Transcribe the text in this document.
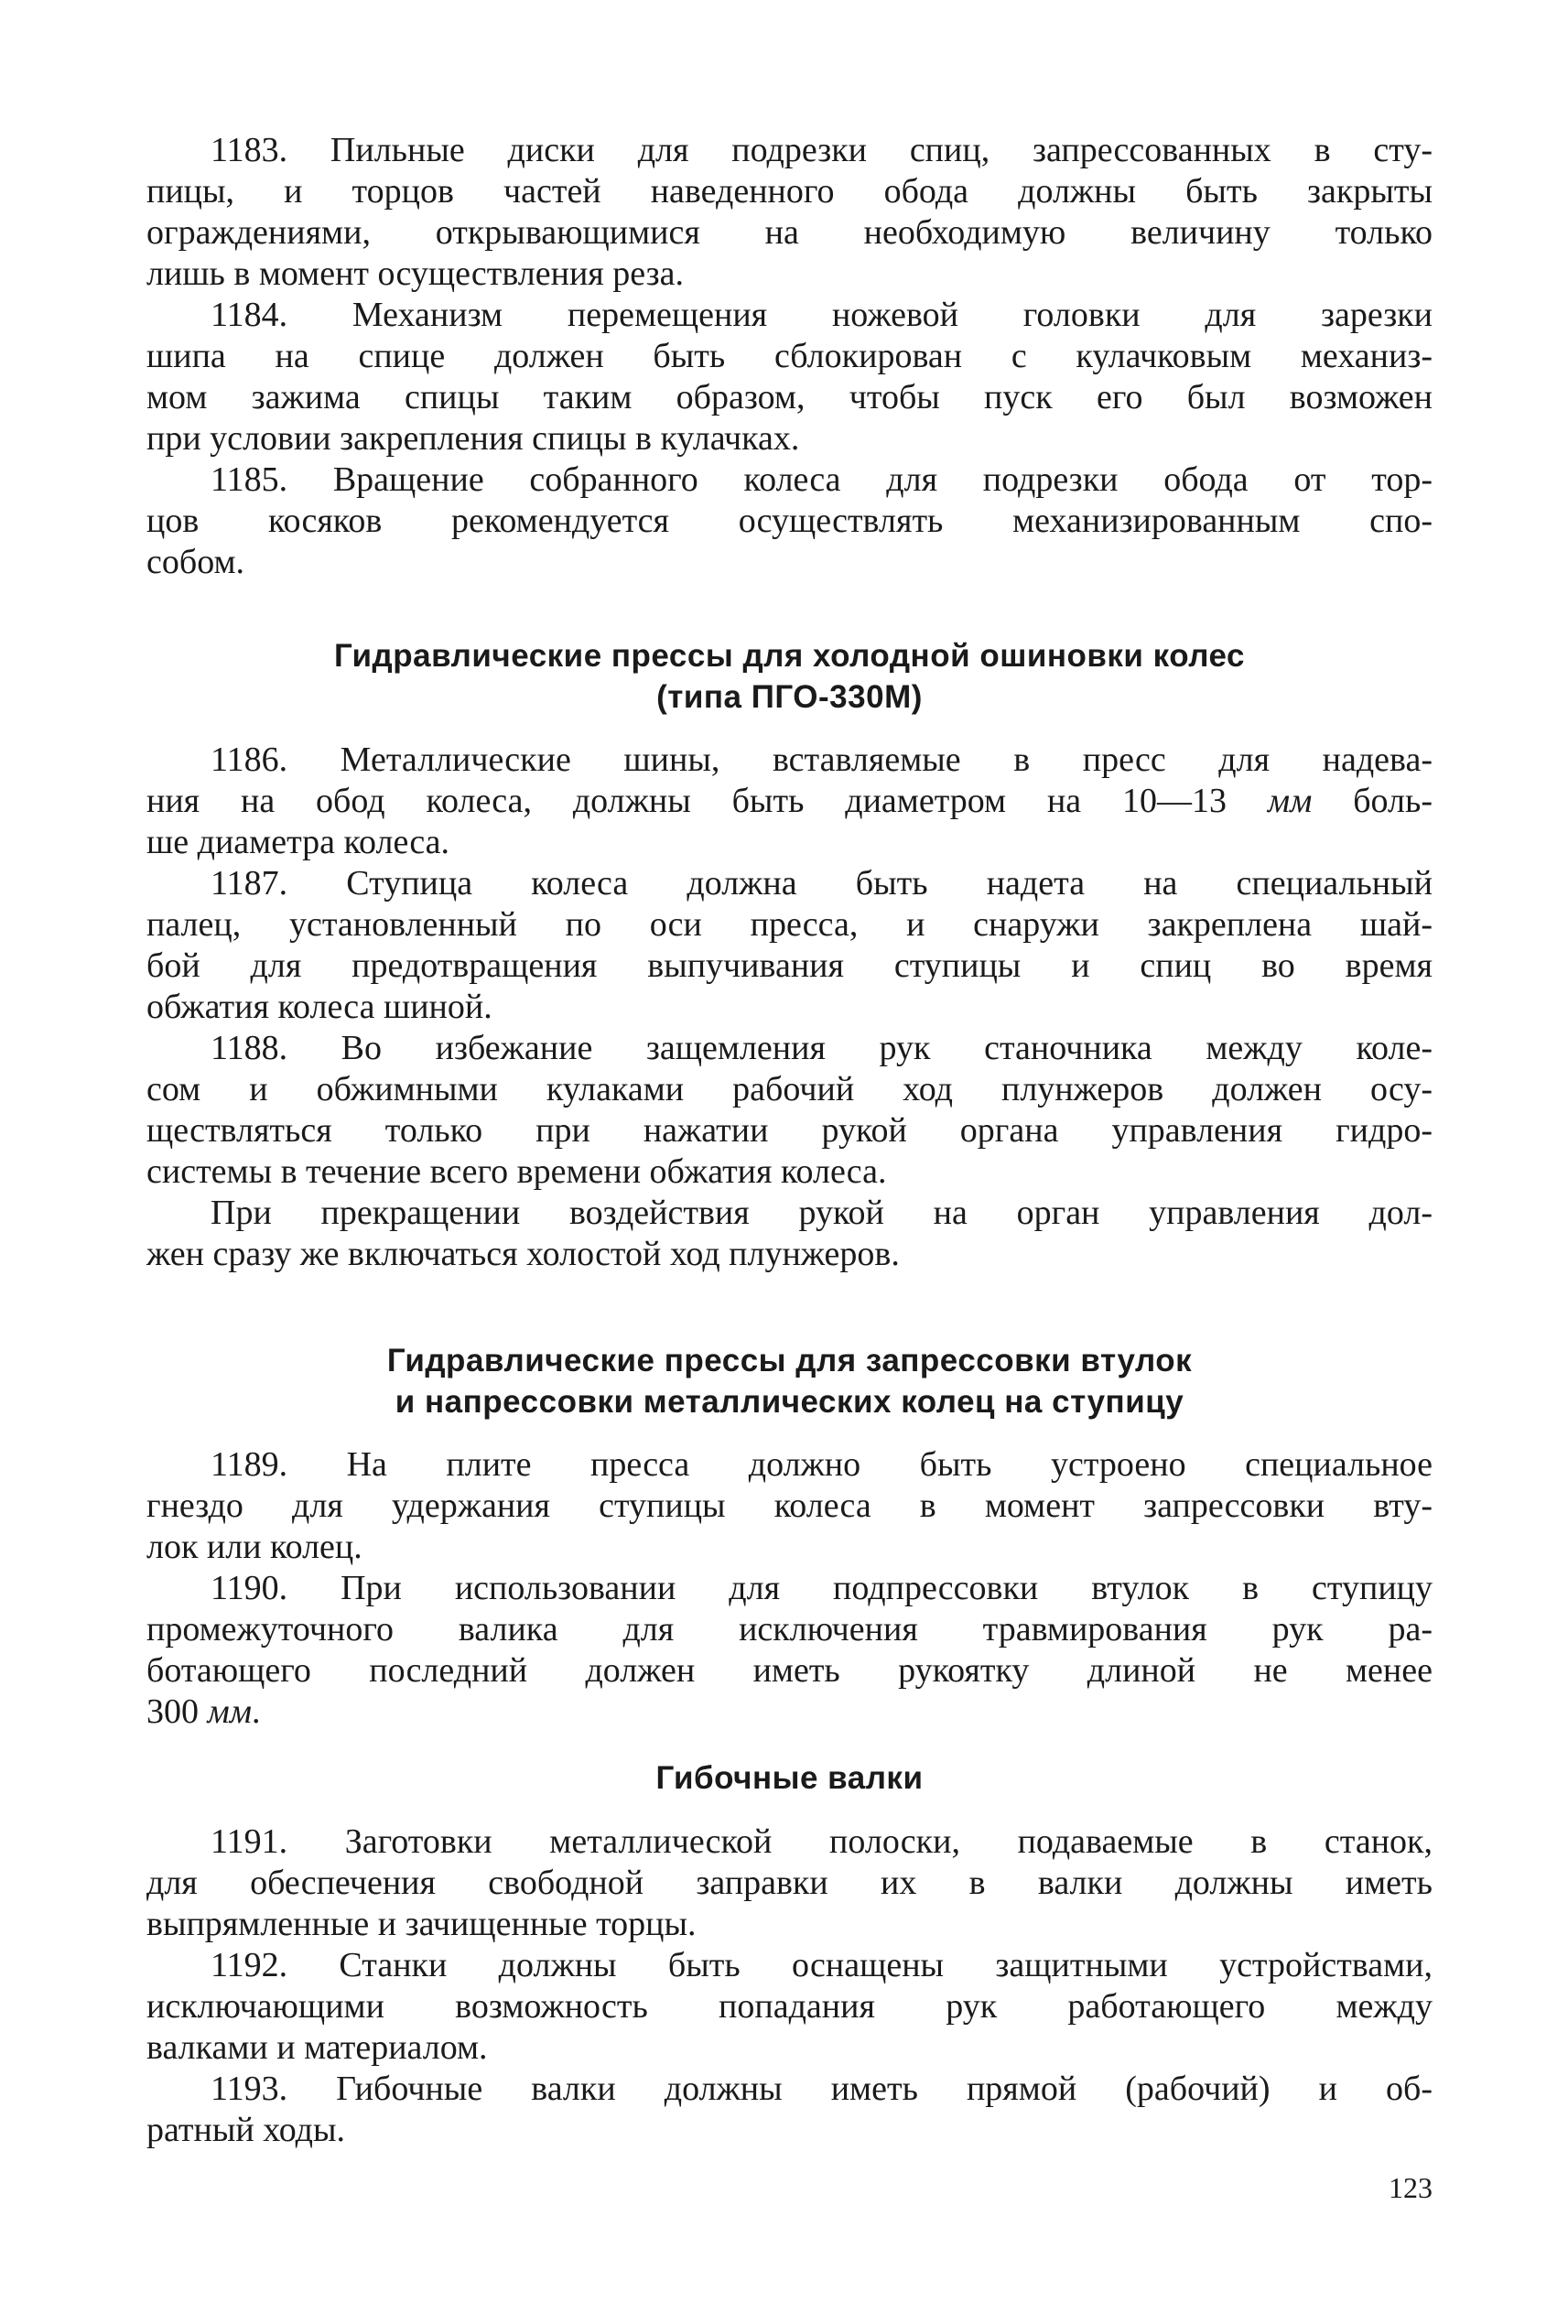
1183. Пильные диски для подрезки спиц, запрессованных в сту-
пицы, и торцов частей наведенного обода должны быть закрыты
ограждениями, открывающимися на необходимую величину только
лишь в момент осуществления реза.
1184. Механизм перемещения ножевой головки для зарезки
шипа на спице должен быть сблокирован с кулачковым механиз-
мом зажима спицы таким образом, чтобы пуск его был возможен
при условии закрепления спицы в кулачках.
1185. Вращение собранного колеса для подрезки обода от тор-
цов косяков рекомендуется осуществлять механизированным спо-
собом.
Гидравлические прессы для холодной ошиновки колес
(типа ПГО-330М)
1186. Металлические шины, вставляемые в пресс для надева-
ния на обод колеса, должны быть диаметром на 10—13 мм боль-
ше диаметра колеса.
1187. Ступица колеса должна быть надета на специальный
палец, установленный по оси пресса, и снаружи закреплена шай-
бой для предотвращения выпучивания ступицы и спиц во время
обжатия колеса шиной.
1188. Во избежание защемления рук станочника между коле-
сом и обжимными кулаками рабочий ход плунжеров должен осу-
ществляться только при нажатии рукой органа управления гидро-
системы в течение всего времени обжатия колеса.
При прекращении воздействия рукой на орган управления дол-
жен сразу же включаться холостой ход плунжеров.
Гидравлические прессы для запрессовки втулок
и напрессовки металлических колец на ступицу
1189. На плите пресса должно быть устроено специальное
гнездо для удержания ступицы колеса в момент запрессовки вту-
лок или колец.
1190. При использовании для подпрессовки втулок в ступицу
промежуточного валика для исключения травмирования рук ра-
ботающего последний должен иметь рукоятку длиной не менее
300 мм.
Гибочные валки
1191. Заготовки металлической полоски, подаваемые в станок,
для обеспечения свободной заправки их в валки должны иметь
выпрямленные и зачищенные торцы.
1192. Станки должны быть оснащены защитными устройствами,
исключающими возможность попадания рук работающего между
валками и материалом.
1193. Гибочные валки должны иметь прямой (рабочий) и об-
ратный ходы.
123
